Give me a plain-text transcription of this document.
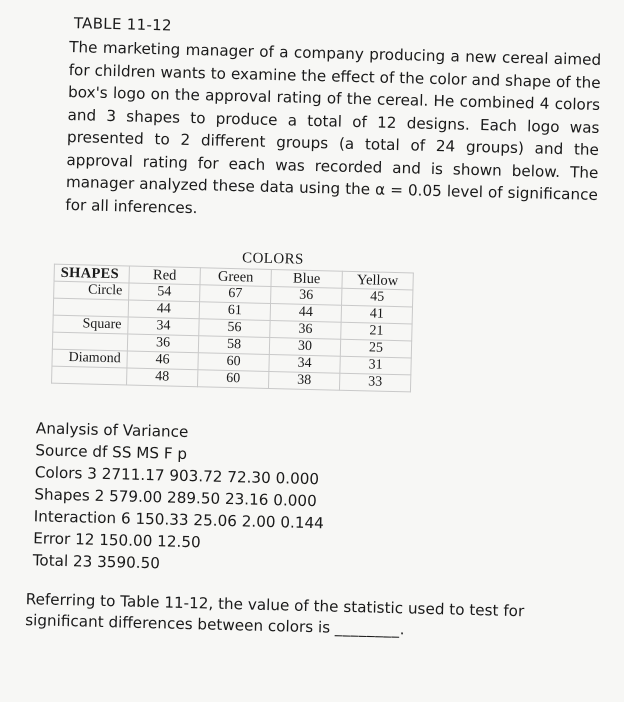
TABLE 11-12
The marketing manager of a company producing a new cereal aimed for children wants to examine the effect of the color and shape of the box's logo on the approval rating of the cereal. He combined 4 colors and 3 shapes to produce a total of 12 designs. Each logo was presented to 2 different groups (a total of 24 groups) and the approval rating for each was recorded and is shown below. The manager analyzed these data using the α = 0.05 level of significance for all inferences.
COLORS
SHAPES	Red	Green	Blue	Yellow
Circle	54	67	36	45
	44	61	44	41
Square	34	56	36	21
	36	58	30	25
Diamond	46	60	34	31
	48	60	38	33
Analysis of Variance
Source df SS MS F p
Colors 3 2711.17 903.72 72.30 0.000
Shapes 2 579.00 289.50 23.16 0.000
Interaction 6 150.33 25.06 2.00 0.144
Error 12 150.00 12.50
Total 23 3590.50
Referring to Table 11-12, the value of the statistic used to test for significant differences between colors is ________.
